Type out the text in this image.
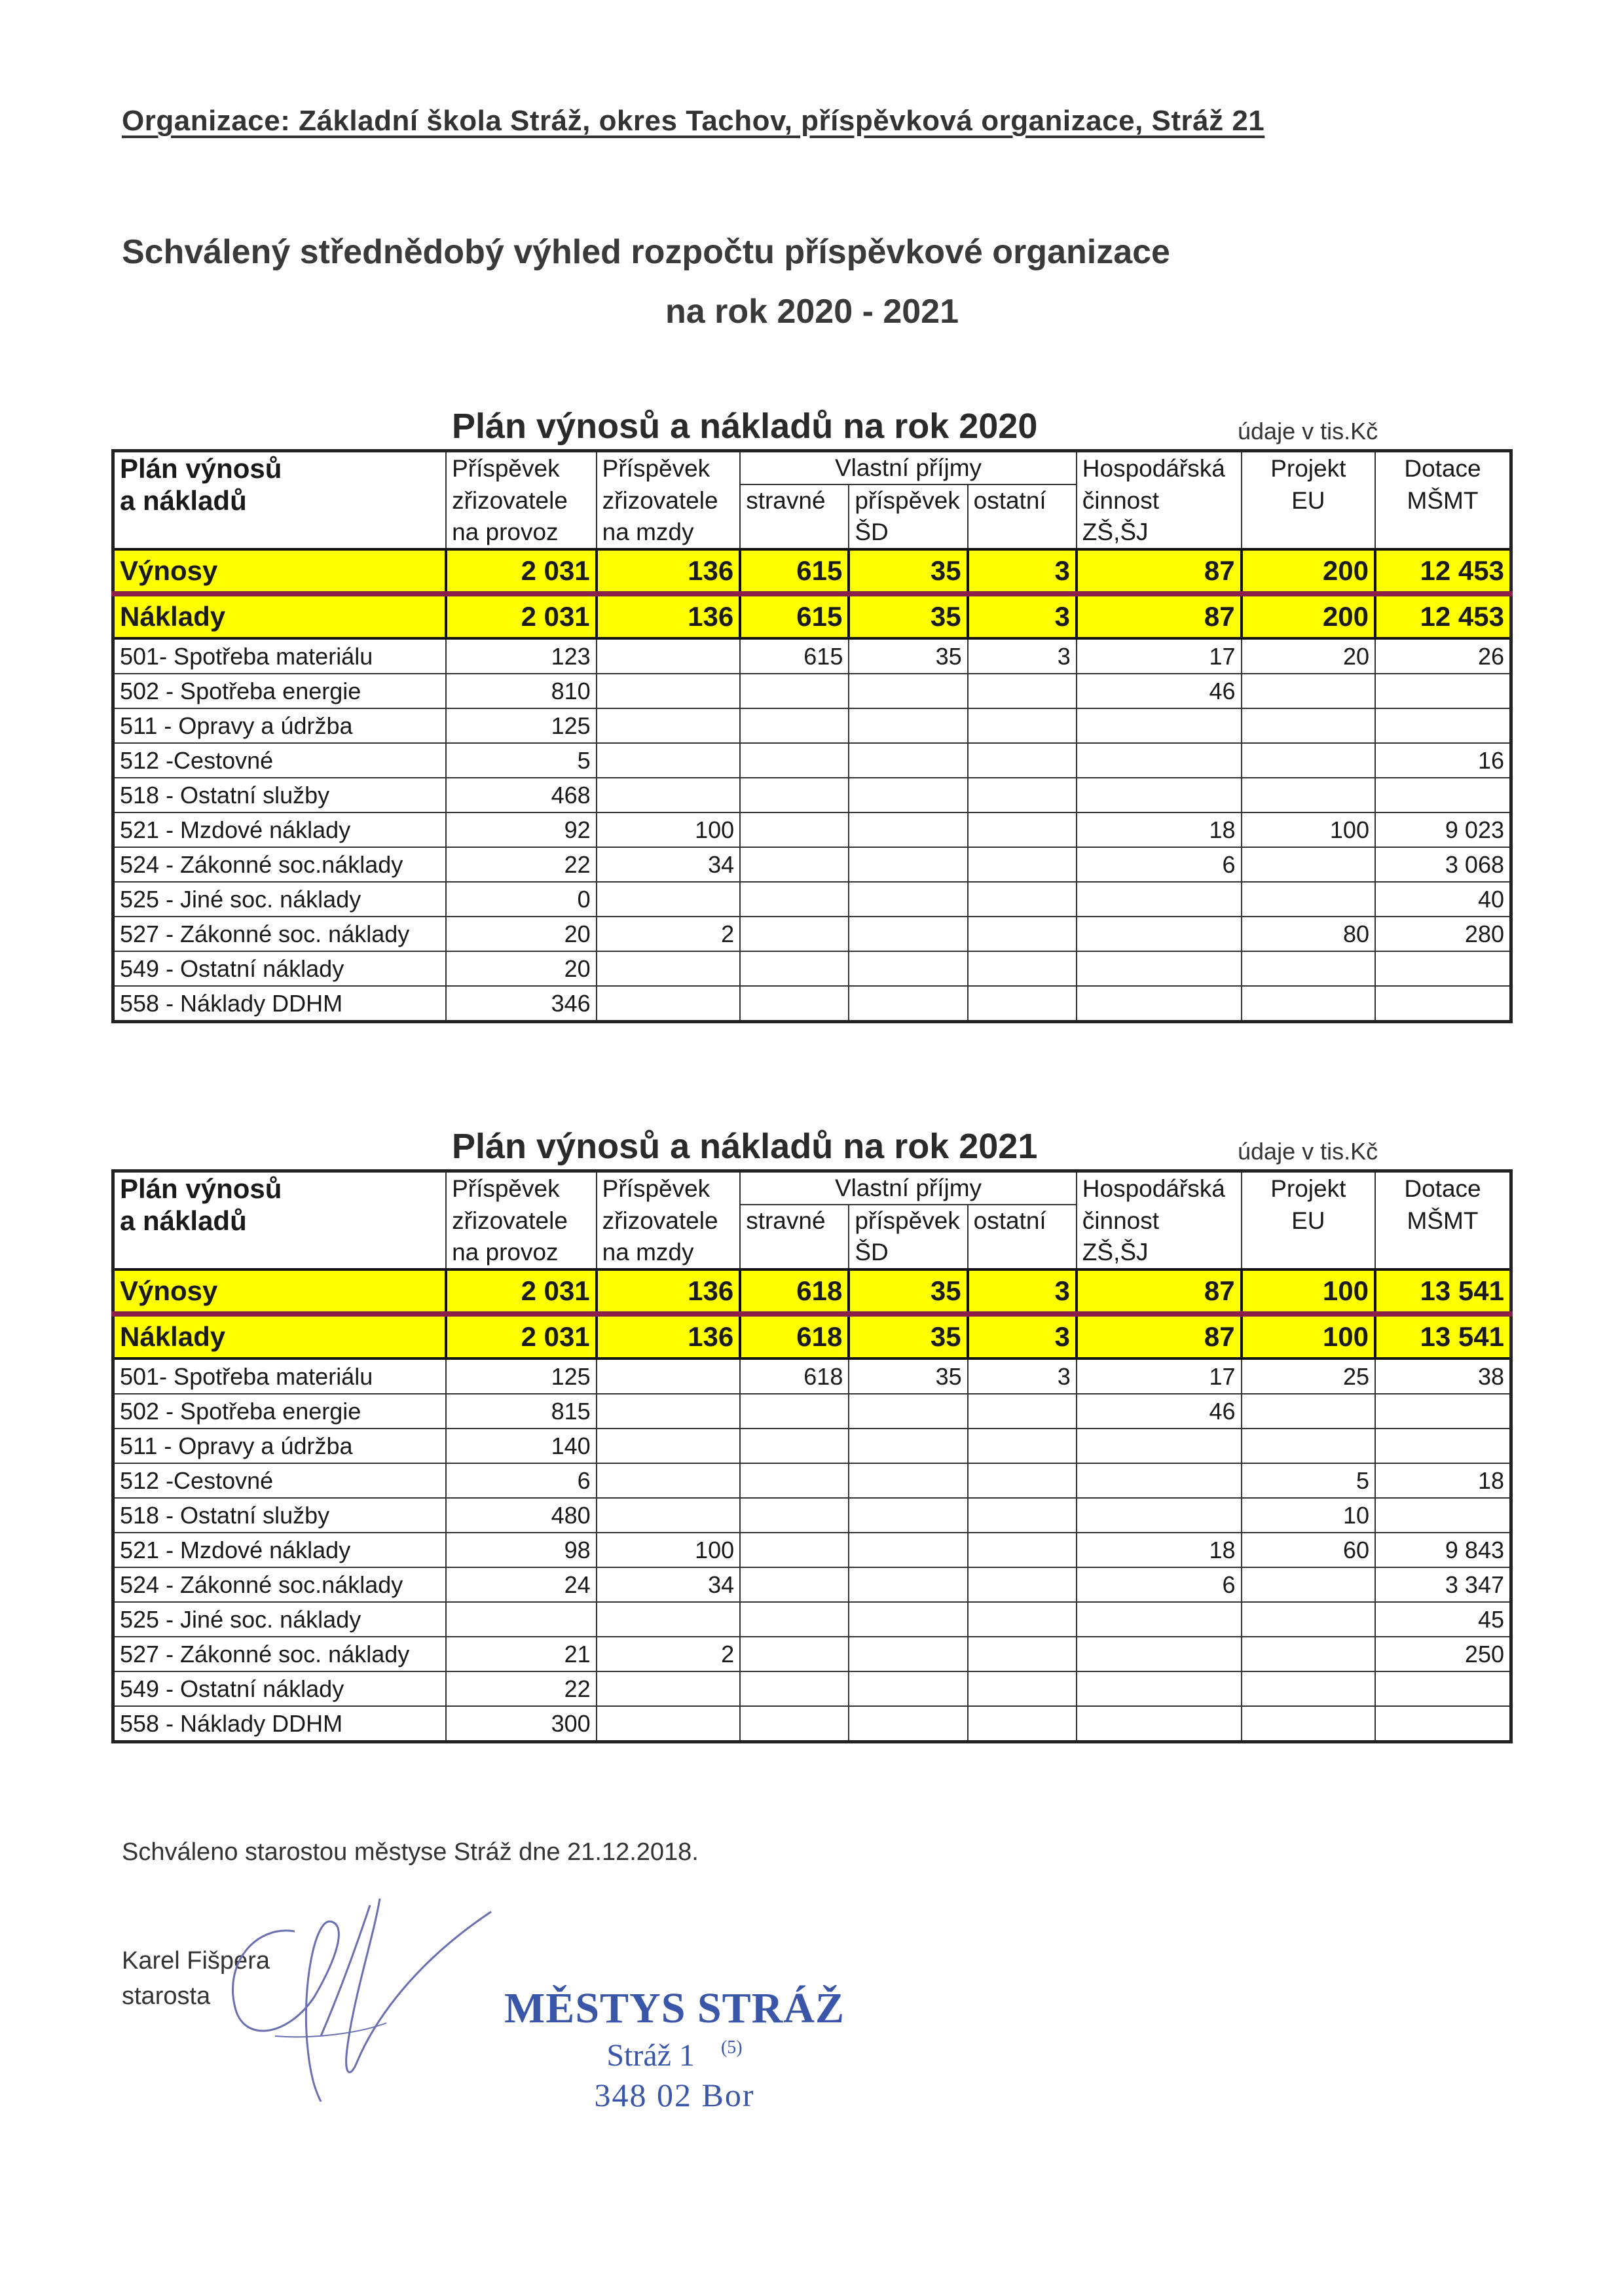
Organizace: Základní škola Stráž, okres Tachov, příspěvková organizace, Stráž 21
Schválený střednědobý výhled rozpočtu příspěvkové organizace
na rok 2020 - 2021
Plán výnosů a nákladů na rok 2020	údaje v tis.Kč
Plán výnosů	Příspěvek	Příspěvek	Vlastní příjmy			Hospodářská	Projekt	Dotace
a nákladů	zřizovatele	zřizovatele	stravné	příspěvek	ostatní	činnost	EU	MŠMT
	na provoz	na mzdy		ŠD		ZŠ,ŠJ		
Výnosy	2 031	136	615	35	3	87	200	12 453
Náklady	2 031	136	615	35	3	87	200	12 453
501- Spotřeba materiálu	123		615	35	3	17	20	26
502 - Spotřeba energie	810					46		
511 - Opravy a údržba	125							
512 -Cestovné	5							16
518 - Ostatní služby	468							
521 - Mzdové náklady	92	100				18	100	9 023
524 - Zákonné soc.náklady	22	34				6		3 068
525 - Jiné soc. náklady	0							40
527 - Zákonné soc. náklady	20	2					80	280
549 - Ostatní náklady	20							
558 - Náklady DDHM	346							
Plán výnosů a nákladů na rok 2021	údaje v tis.Kč
Plán výnosů	Příspěvek	Příspěvek	Vlastní příjmy			Hospodářská	Projekt	Dotace
a nákladů	zřizovatele	zřizovatele	stravné	příspěvek	ostatní	činnost	EU	MŠMT
	na provoz	na mzdy		ŠD		ZŠ,ŠJ		
Výnosy	2 031	136	618	35	3	87	100	13 541
Náklady	2 031	136	618	35	3	87	100	13 541
501- Spotřeba materiálu	125		618	35	3	17	25	38
502 - Spotřeba energie	815					46		
511 - Opravy a údržba	140							
512 -Cestovné	6						5	18
518 - Ostatní služby	480						10	
521 - Mzdové náklady	98	100				18	60	9 843
524 - Zákonné soc.náklady	24	34				6		3 347
525 - Jiné soc. náklady								45
527 - Zákonné soc. náklady	21	2						250
549 - Ostatní náklady	22							
558 - Náklady DDHM	300							
Schváleno starostou městyse Stráž dne 21.12.2018.
Karel Fišpera
starosta	MĚSTYS STRÁŽ
Stráž 1 $^{(5)}$
348 02 Bor
